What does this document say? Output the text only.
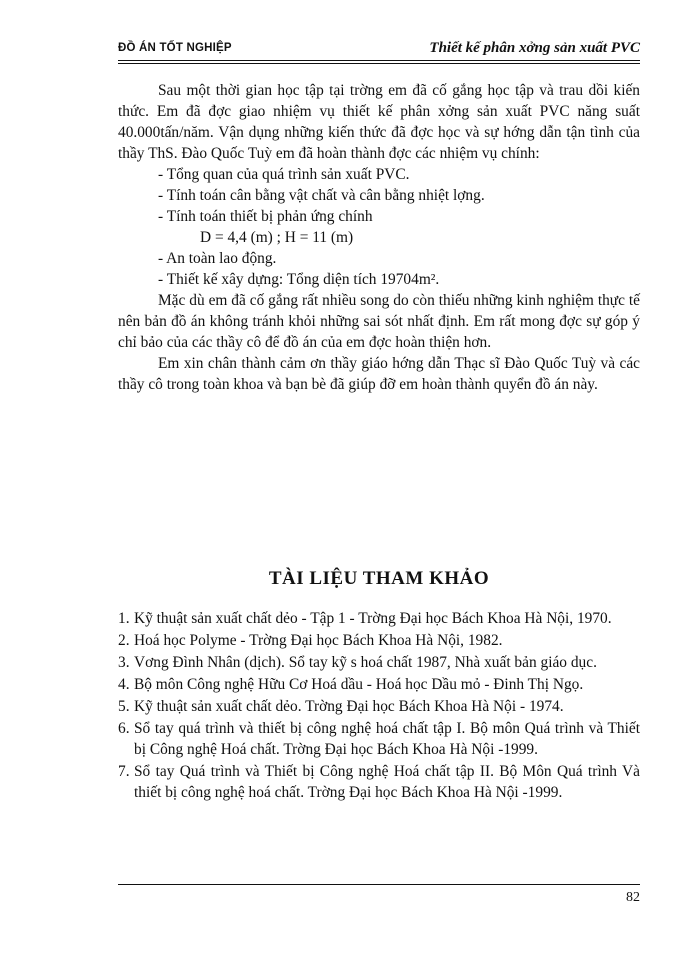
ĐỒ ÁN TỐT NGHIỆP	Thiết kế phân xởng sản xuất PVC

Sau một thời gian học tập tại trờng em đã cố gắng học tập và trau dồi kiến thức. Em đã đợc giao nhiệm vụ thiết kế phân xởng sản xuất PVC năng suất 40.000tấn/năm. Vận dụng những kiến thức đã đợc học và sự hớng dẫn tận tình của thầy ThS. Đào Quốc Tuỳ em đã hoàn thành đợc các nhiệm vụ chính:

- Tổng quan của quá trình sản xuất PVC.

- Tính toán cân bằng vật chất và cân bằng nhiệt lợng.

- Tính toán thiết bị phản ứng chính

D = 4,4 (m) ; H = 11 (m)

- An toàn lao động.

- Thiết kế xây dựng: Tổng diện tích 19704m².

Mặc dù em đã cố gắng rất nhiều song do còn thiếu những kinh nghiệm thực tế nên bản đồ án không tránh khỏi những sai sót nhất định. Em rất mong đợc sự góp ý chỉ bảo của các thầy cô để đồ án của em đợc hoàn thiện hơn.

Em xin chân thành cảm ơn thầy giáo hớng dẫn Thạc sĩ Đào Quốc Tuỳ và các thầy cô trong toàn khoa và bạn bè đã giúp đỡ em hoàn thành quyển đồ án này.

TÀI LIỆU THAM KHẢO
1. Kỹ thuật sản xuất chất dẻo - Tập 1 - Trờng Đại học Bách Khoa Hà Nội, 1970.
2. Hoá học Polyme - Trờng Đại học Bách Khoa Hà Nội, 1982.
3. Vơng Đình Nhân (dịch). Sổ tay kỹ s hoá chất 1987, Nhà xuất bản giáo dục.
4. Bộ môn Công nghệ Hữu Cơ Hoá dầu - Hoá học Dầu mỏ - Đinh Thị Ngọ.
5. Kỹ thuật sản xuất chất dẻo. Trờng Đại học Bách Khoa Hà Nội - 1974.
6. Sổ tay quá trình và thiết bị công nghệ hoá chất tập I. Bộ môn Quá trình và Thiết bị Công nghệ Hoá chất. Trờng Đại học Bách Khoa Hà Nội -1999.
7. Sổ tay Quá trình và Thiết bị Công nghệ Hoá chất tập II. Bộ Môn Quá trình Và thiết bị công nghệ hoá chất. Trờng Đại học Bách Khoa Hà Nội -1999.
82
